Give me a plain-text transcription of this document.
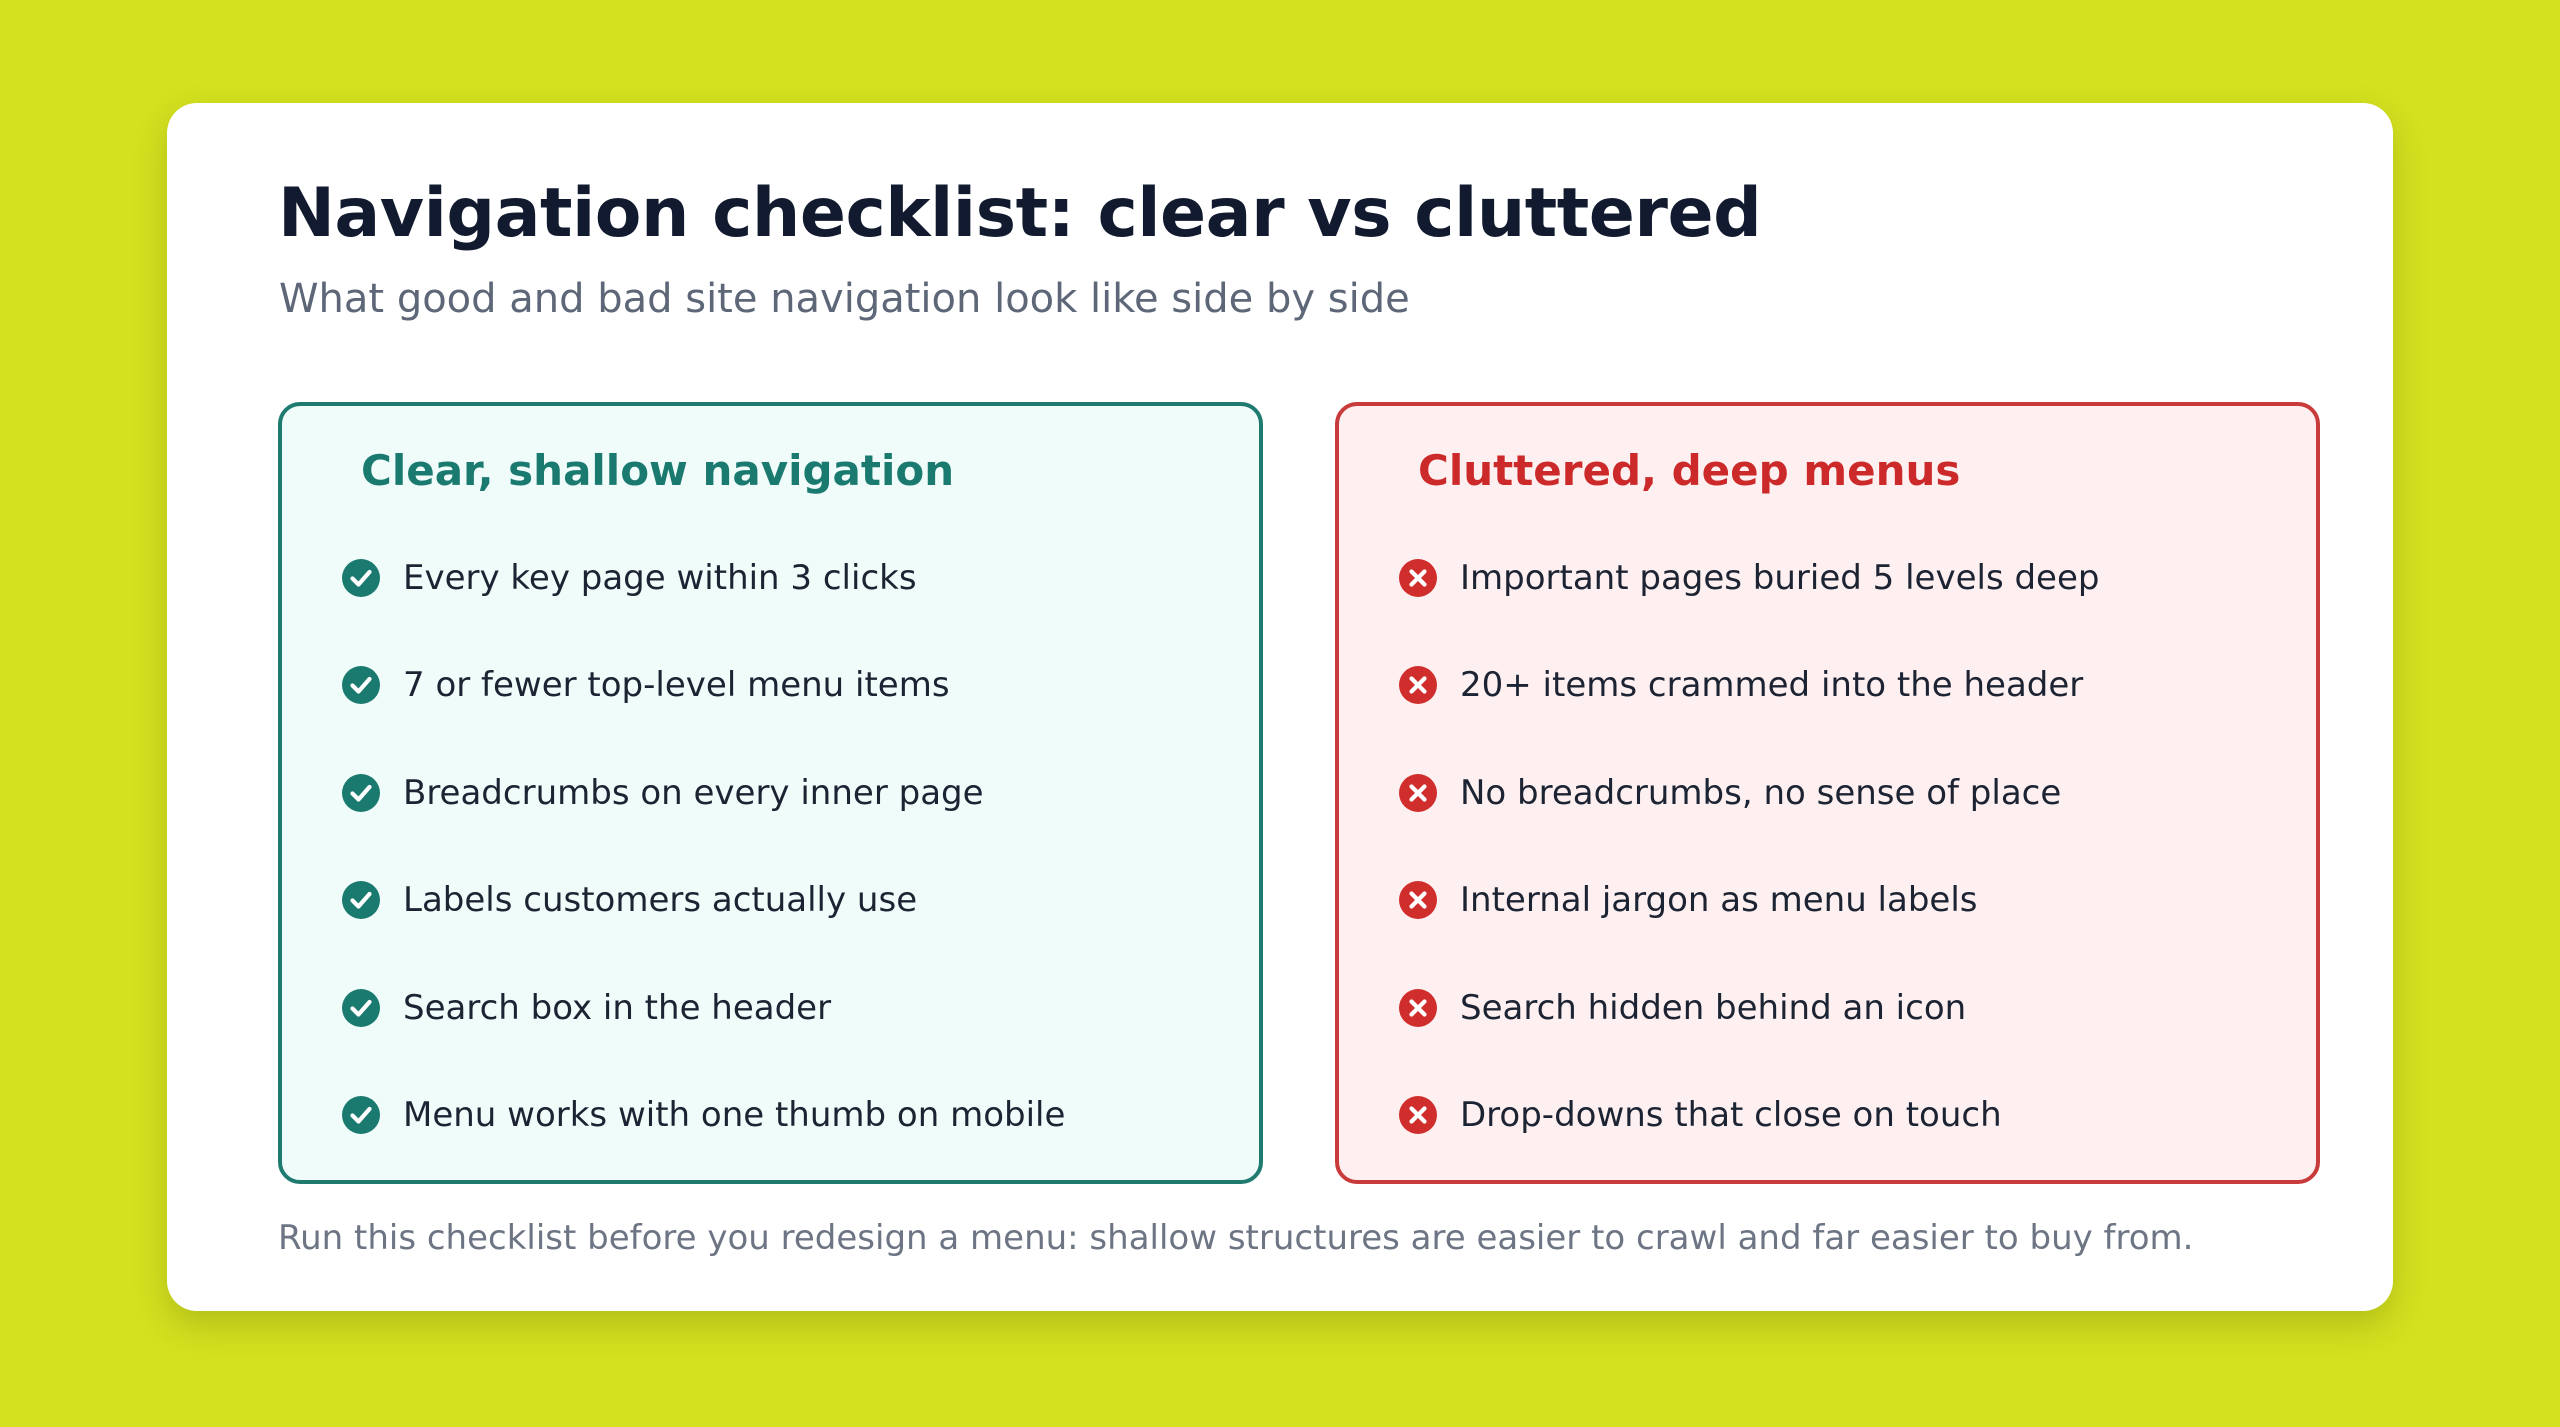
Navigation checklist: clear vs cluttered

What good and bad site navigation look like side by side

Clear, shallow navigation
Every key page within 3 clicks
7 or fewer top-level menu items
Breadcrumbs on every inner page
Labels customers actually use
Search box in the header
Menu works with one thumb on mobile
Cluttered, deep menus
Important pages buried 5 levels deep
20+ items crammed into the header
No breadcrumbs, no sense of place
Internal jargon as menu labels
Search hidden behind an icon
Drop-downs that close on touch

Run this checklist before you redesign a menu: shallow structures are easier to crawl and far easier to buy from.
